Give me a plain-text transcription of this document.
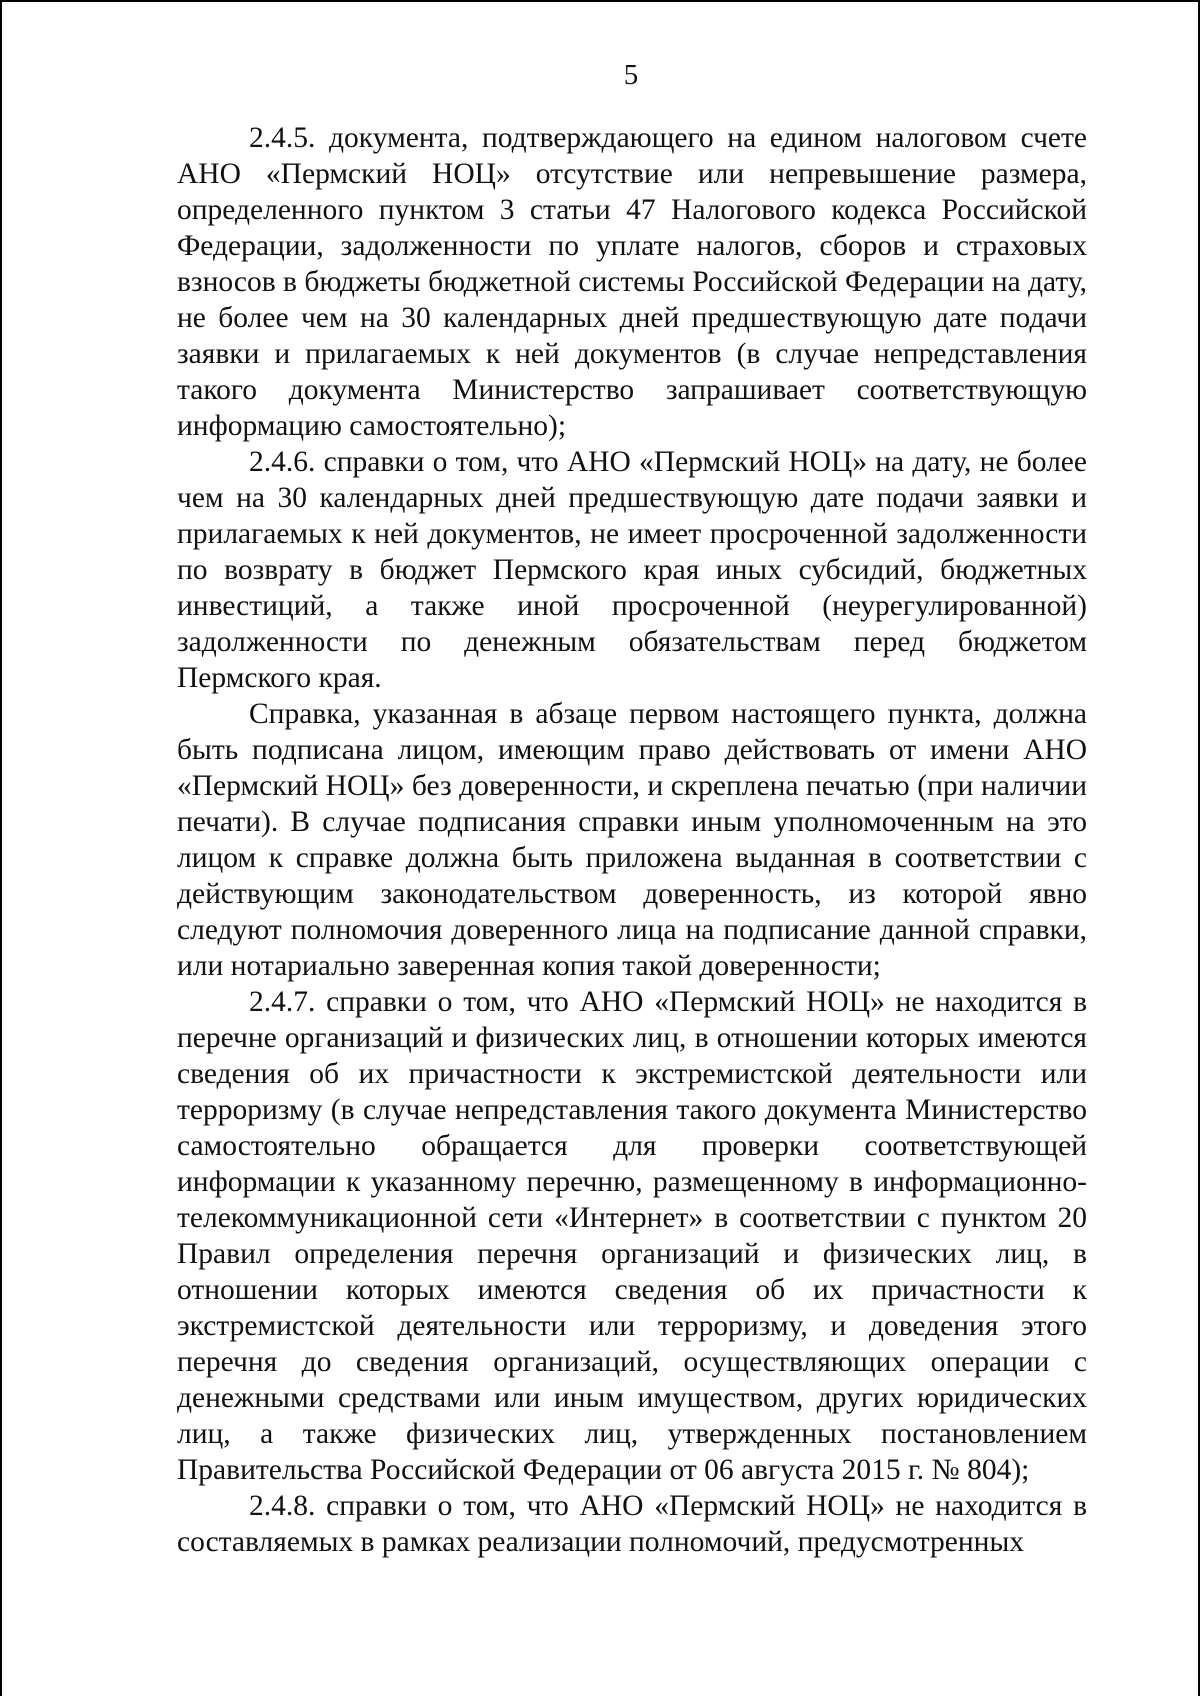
5

2.4.5. документа, подтверждающего на едином налоговом счете АНО «Пермский НОЦ» отсутствие или непревышение размера, определенного пунктом 3 статьи 47 Налогового кодекса Российской Федерации, задолженности по уплате налогов, сборов и страховых взносов в бюджеты бюджетной системы Российской Федерации на дату, не более чем на 30 календарных дней предшествующую дате подачи заявки и прилагаемых к ней документов (в случае непредставления такого документа Министерство запрашивает соответствующую информацию самостоятельно);

2.4.6. справки о том, что АНО «Пермский НОЦ» на дату, не более чем на 30 календарных дней предшествующую дате подачи заявки и прилагаемых к ней документов, не имеет просроченной задолженности по возврату в бюджет Пермского края иных субсидий, бюджетных инвестиций, а также иной просроченной (неурегулированной) задолженности по денежным обязательствам перед бюджетом Пермского края.

Справка, указанная в абзаце первом настоящего пункта, должна быть подписана лицом, имеющим право действовать от имени АНО «Пермский НОЦ» без доверенности, и скреплена печатью (при наличии печати). В случае подписания справки иным уполномоченным на это лицом к справке должна быть приложена выданная в соответствии с действующим законодательством доверенность, из которой явно следуют полномочия доверенного лица на подписание данной справки, или нотариально заверенная копия такой доверенности;

2.4.7. справки о том, что АНО «Пермский НОЦ» не находится в перечне организаций и физических лиц, в отношении которых имеются сведения об их причастности к экстремистской деятельности или терроризму (в случае непредставления такого документа Министерство самостоятельно обращается для проверки соответствующей информации к указанному перечню, размещенному в информационно-телекоммуникационной сети «Интернет» в соответствии с пунктом 20 Правил определения перечня организаций и физических лиц, в отношении которых имеются сведения об их причастности к экстремистской деятельности или терроризму, и доведения этого перечня до сведения организаций, осуществляющих операции с денежными средствами или иным имуществом, других юридических лиц, а также физических лиц, утвержденных постановлением Правительства Российской Федерации от 06 августа 2015 г. № 804);

2.4.8. справки о том, что АНО «Пермский НОЦ» не находится в составляемых в рамках реализации полномочий, предусмотренных
